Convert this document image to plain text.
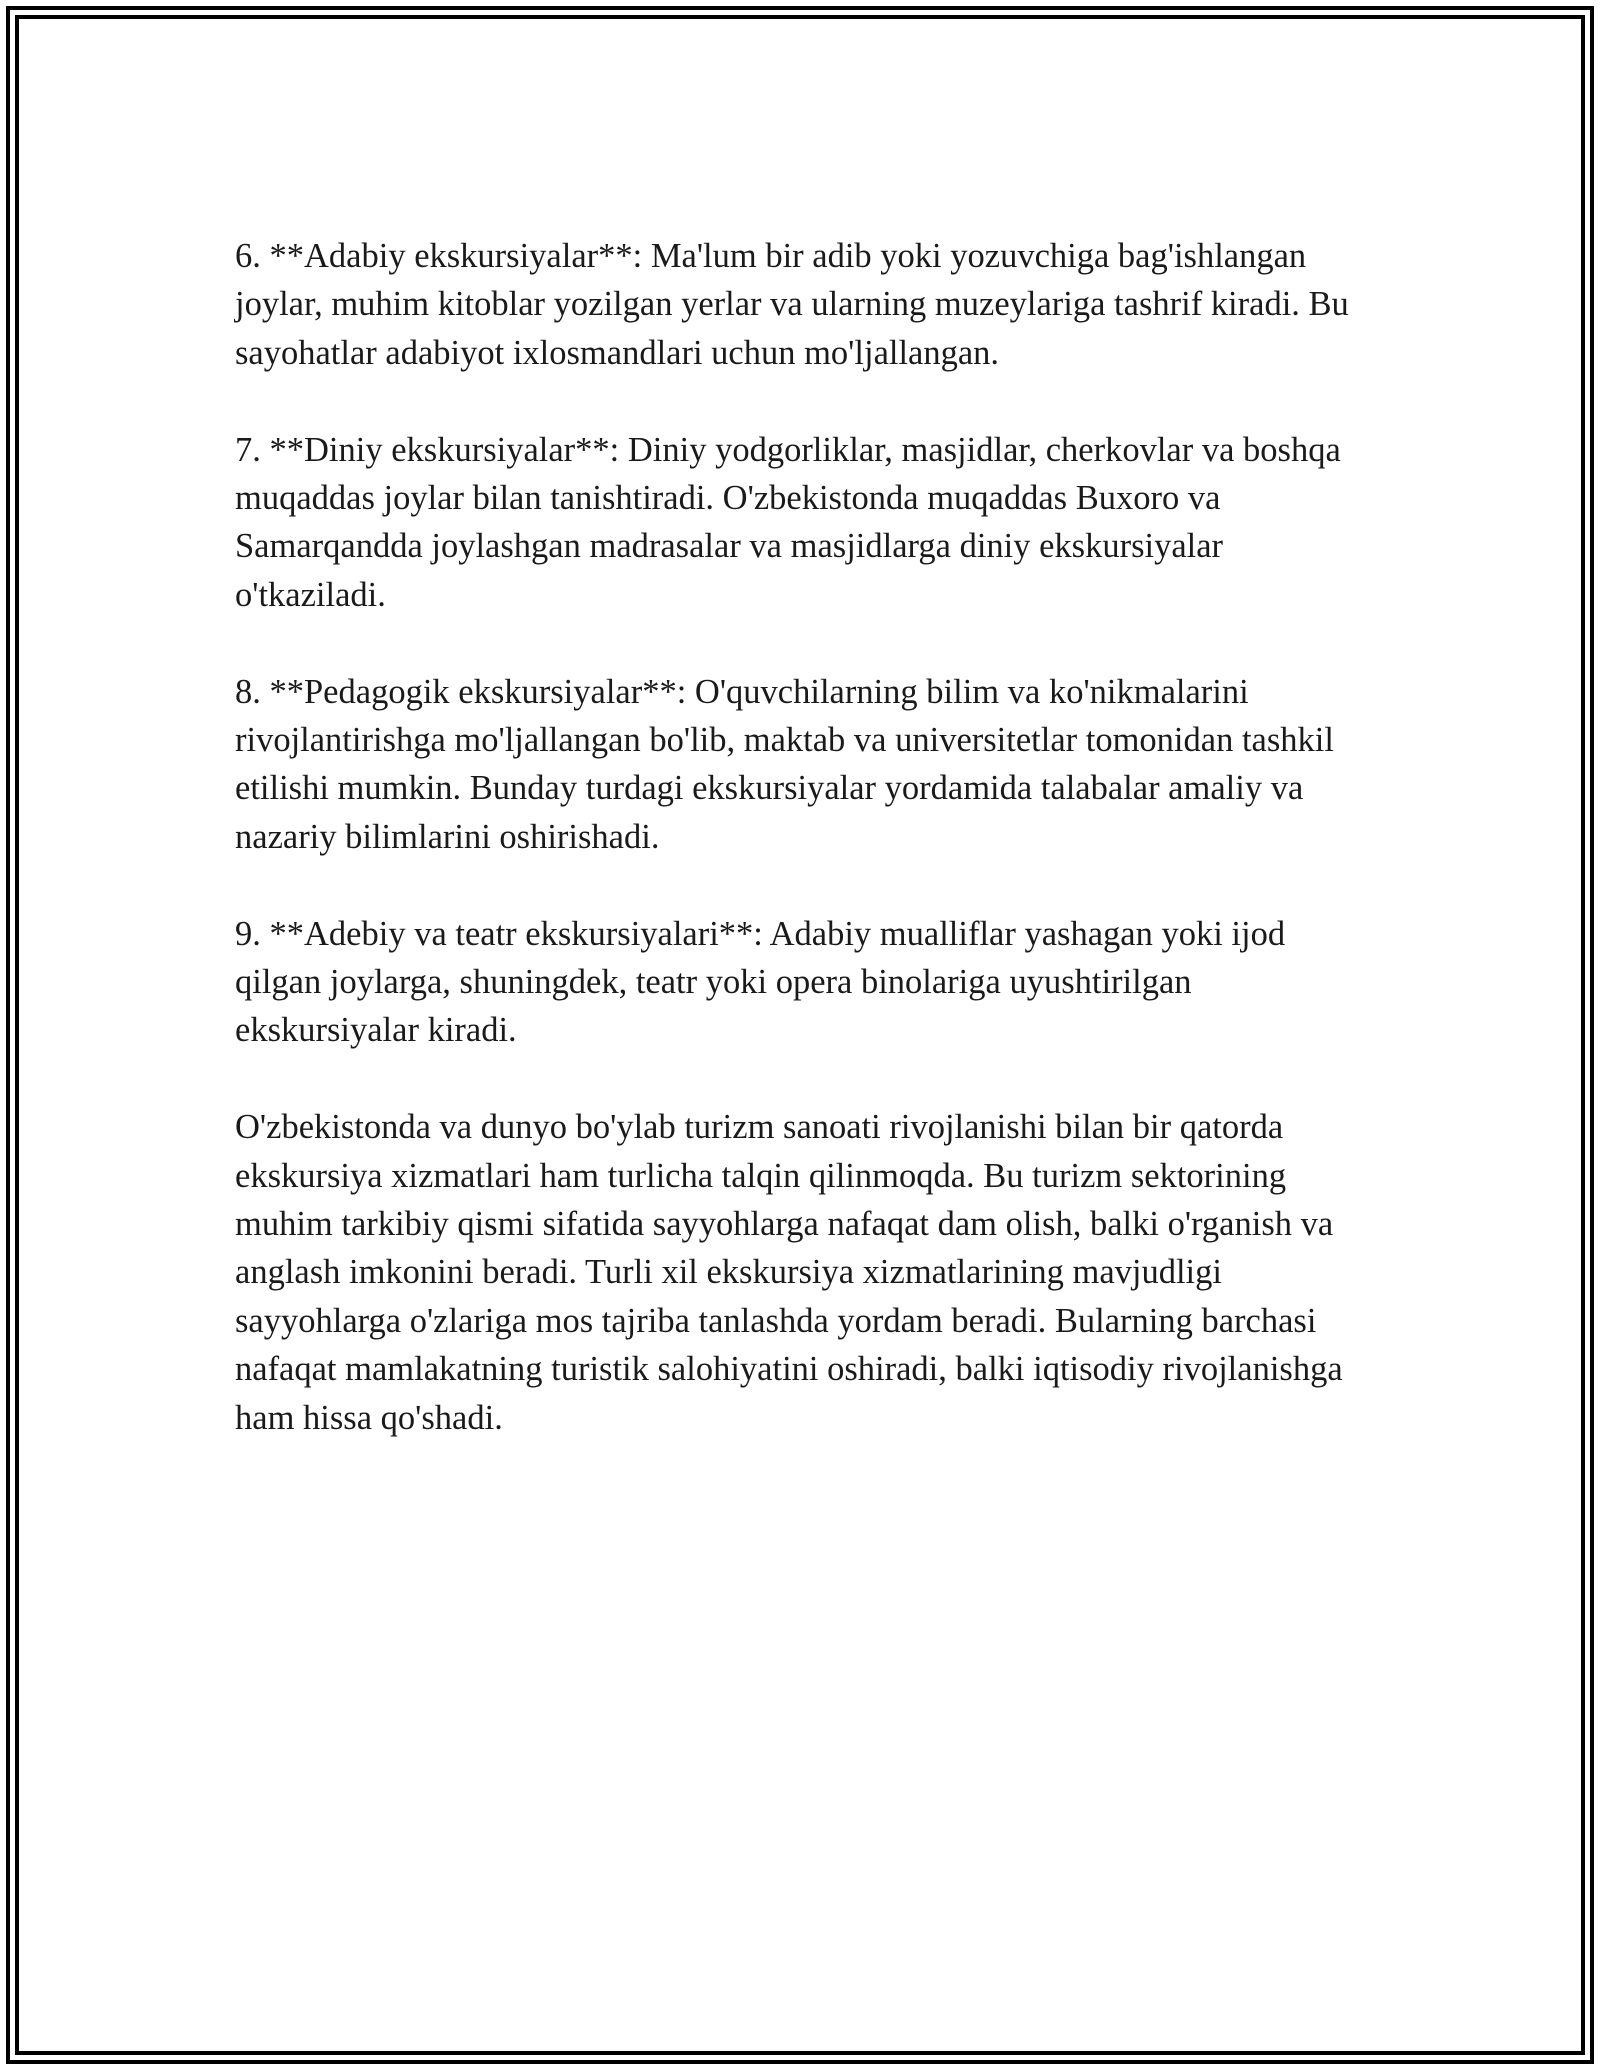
6. **Adabiy ekskursiyalar**: Ma'lum bir adib yoki yozuvchiga bag'ishlangan joylar, muhim kitoblar yozilgan yerlar va ularning muzeylariga tashrif kiradi. Bu sayohatlar adabiyot ixlosmandlari uchun mo'ljallangan.

7. **Diniy ekskursiyalar**: Diniy yodgorliklar, masjidlar, cherkovlar va boshqa muqaddas joylar bilan tanishtiradi. O'zbekistonda muqaddas Buxoro va Samarqandda joylashgan madrasalar va masjidlarga diniy ekskursiyalar o'tkaziladi.

8. **Pedagogik ekskursiyalar**: O'quvchilarning bilim va ko'nikmalarini rivojlantirishga mo'ljallangan bo'lib, maktab va universitetlar tomonidan tashkil etilishi mumkin. Bunday turdagi ekskursiyalar yordamida talabalar amaliy va nazariy bilimlarini oshirishadi.

9. **Adebiy va teatr ekskursiyalari**: Adabiy mualliflar yashagan yoki ijod qilgan joylarga, shuningdek, teatr yoki opera binolariga uyushtirilgan ekskursiyalar kiradi.

O'zbekistonda va dunyo bo'ylab turizm sanoati rivojlanishi bilan bir qatorda ekskursiya xizmatlari ham turlicha talqin qilinmoqda. Bu turizm sektorining muhim tarkibiy qismi sifatida sayyohlarga nafaqat dam olish, balki o'rganish va anglash imkonini beradi. Turli xil ekskursiya xizmatlarining mavjudligi sayyohlarga o'zlariga mos tajriba tanlashda yordam beradi. Bularning barchasi nafaqat mamlakatning turistik salohiyatini oshiradi, balki iqtisodiy rivojlanishga ham hissa qo'shadi.
